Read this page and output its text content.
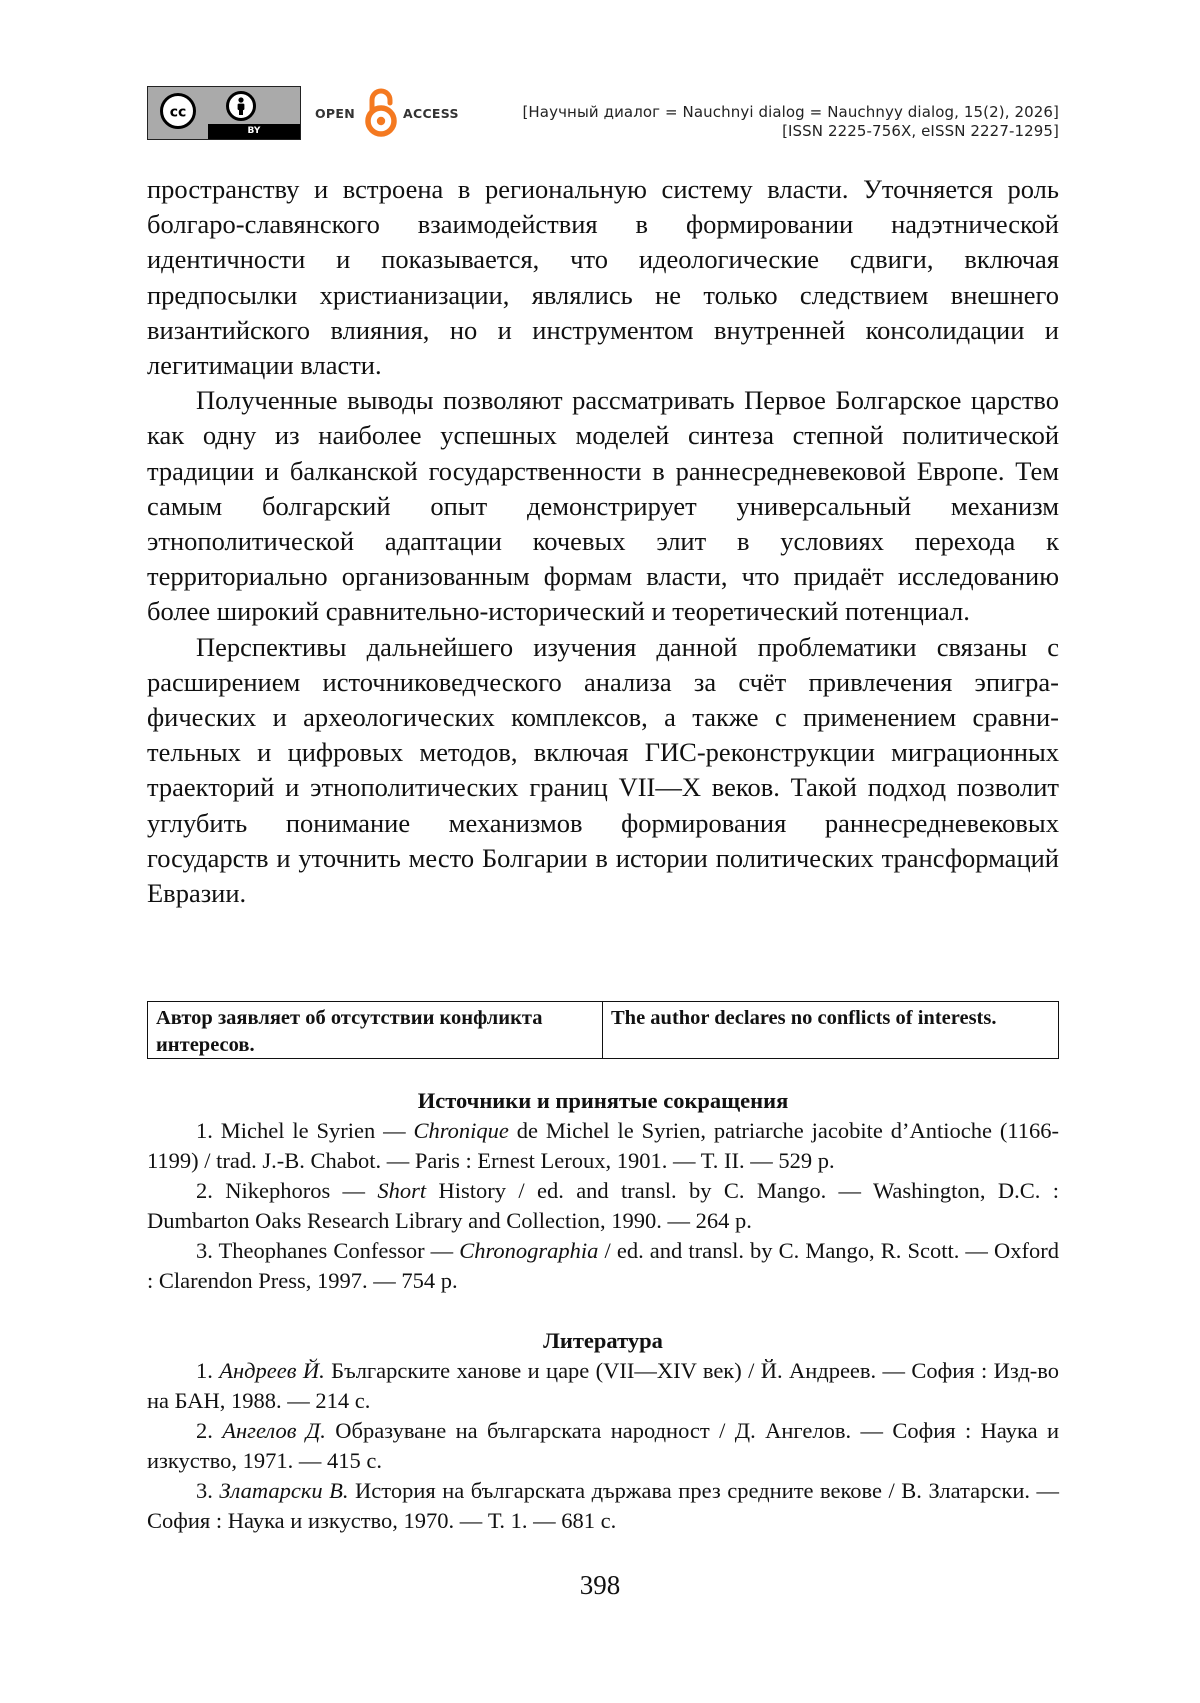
cc
BY
OPEN	ACCESS	[Научный диалог = Nauchnyi dialog = Nauchnyy dialog, 15(2), 2026]
[ISSN 2225-756X, eISSN 2227-1295]

пространству и встроена в региональную систему власти. Уточняется роль болгаро-славянского взаимодействия в формировании надэтнической идентичности и показывается, что идеологические сдвиги, включая предпосылки христианизации, являлись не только следствием внешнего византийского влияния, но и инструментом внутренней консолидации и легитимации власти.

Полученные выводы позволяют рассматривать Первое Болгарское царство как одну из наиболее успешных моделей синтеза степной политической традиции и балканской государственности в раннесредневековой Европе. Тем самым болгарский опыт демонстрирует универсальный механизм этнополитической адаптации кочевых элит в условиях перехода к территориально организованным формам власти, что придаёт исследованию более широкий сравнительно-исторический и теоретический потенциал.

Перспективы дальнейшего изучения данной проблематики связаны с расширением источниковедческого анализа за счёт привлечения эпиграфических и археологических комплексов, а также с применением сравнительных и цифровых методов, включая ГИС-реконструкции миграционных траекторий и этнополитических границ VII—X веков. Такой подход позволит углубить понимание механизмов формирования раннесредневековых государств и уточнить место Болгарии в истории политических трансформаций Евразии.

Автор заявляет об отсутствии конфликта интересов.
The author declares no conflicts of interests.
Источники и принятые сокращения

1. Michel le Syrien — Chronique de Michel le Syrien, patriarche jacobite d’Antioche (1166-1199) / trad. J.-B. Chabot. — Paris : Ernest Leroux, 1901. — T. II. — 529 p.

2. Nikephoros — Short History / ed. and transl. by C. Mango. — Washington, D.C. : Dumbarton Oaks Research Library and Collection, 1990. — 264 p.

3. Theophanes Confessor — Chronographia / ed. and transl. by C. Mango, R. Scott. — Oxford : Clarendon Press, 1997. — 754 p.

Литература

1. Андреев Й. Българските ханове и царе (VII—XIV век) / Й. Андреев. — София : Изд-во на БАН, 1988. — 214 с.

2. Ангелов Д. Образуване на българската народност / Д. Ангелов. — София : Наука и изкуство, 1971. — 415 с.

3. Златарски В. История на българската държава през средните векове / В. Златарски. — София : Наука и изкуство, 1970. — Т. 1. — 681 с.

398
